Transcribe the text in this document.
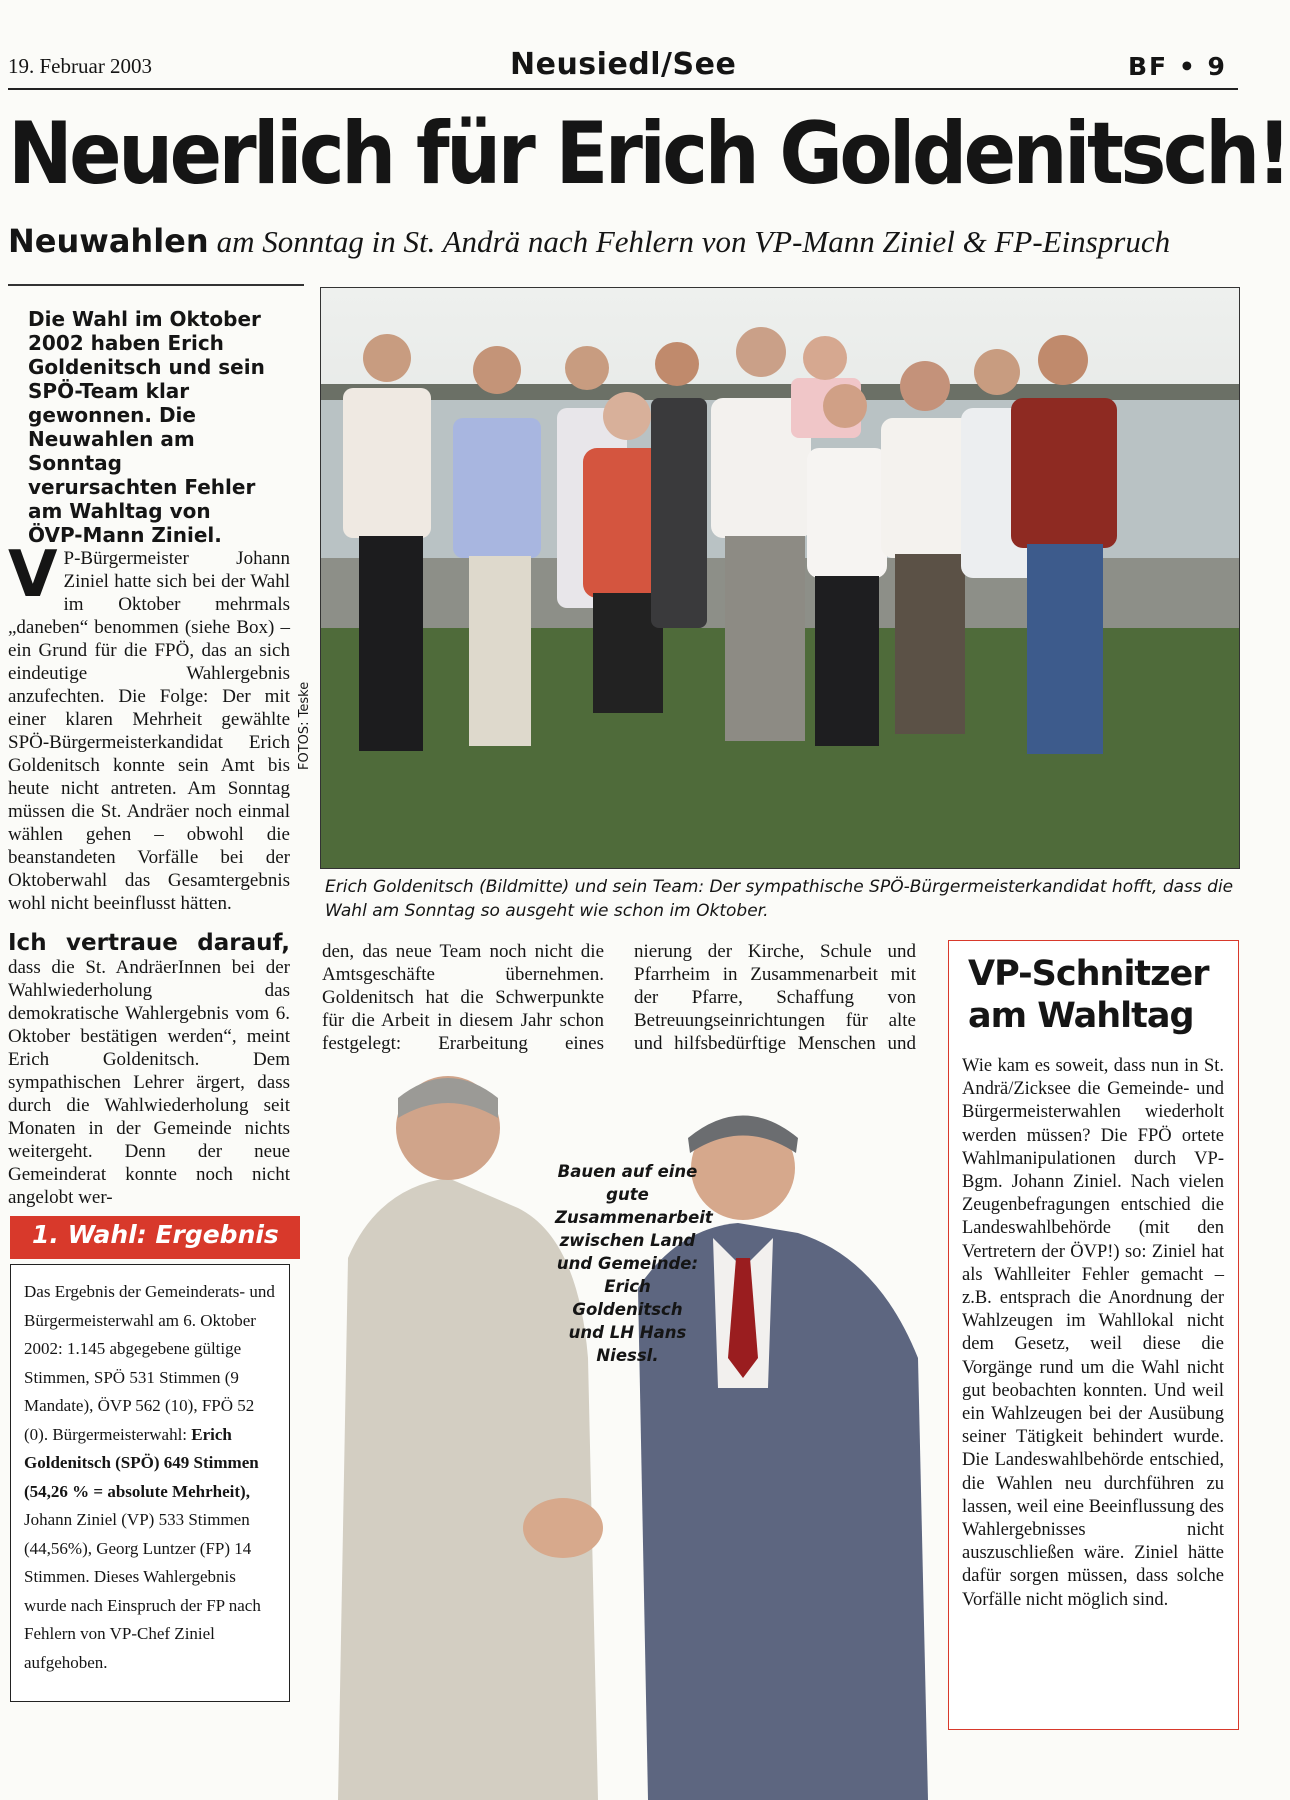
19. Februar 2003	Neusiedl/See	BF • 9
Neuerlich für Erich Goldenitsch!
Neuwahlen am Sonntag in St. Andrä nach Fehlern von VP-Mann Ziniel & FP-Einspruch
Die Wahl im Oktober 2002 haben Erich Goldenitsch und sein SPÖ-Team klar gewonnen. Die Neuwahlen am Sonntag verursachten Fehler am Wahltag von ÖVP-Mann Ziniel.
V P-Bürgermeister Johann Ziniel hatte sich bei der Wahl im Oktober mehrmals „daneben“ benommen (siehe Box) – ein Grund für die FPÖ, das an sich eindeutige Wahlergebnis anzufechten. Die Folge: Der mit einer klaren Mehrheit gewählte SPÖ-Bürgermeisterkandidat Erich Goldenitsch konnte sein Amt bis heute nicht antreten. Am Sonntag müssen die St. Andräer noch einmal wählen gehen – obwohl die beanstandeten Vorfälle bei der Oktoberwahl das Gesamtergebnis wohl nicht beeinflusst hätten.
Ich vertraue darauf, dass die St. AndräerInnen bei der Wahlwiederholung das demokratische Wahlergebnis vom 6. Oktober bestätigen werden“, meint Erich Goldenitsch. Dem sympathischen Lehrer ärgert, dass durch die Wahlwiederholung seit Monaten in der Gemeinde nichts weitergeht. Denn der neue Gemeinderat konnte noch nicht angelobt wer-
den, das neue Team noch nicht die Amtsgeschäfte übernehmen. Goldenitsch hat die Schwerpunkte für die Arbeit in diesem Jahr schon festgelegt: Erarbeitung eines
nierung der Kirche, Schule und Pfarrheim in Zusammenarbeit mit der Pfarre, Schaffung von Betreuungseinrichtungen für alte und hilfsbedürftige Menschen und
FOTOS: Teske
Erich Goldenitsch (Bildmitte) und sein Team: Der sympathische SPÖ-Bürgermeisterkandidat hofft, dass die Wahl am Sonntag so ausgeht wie schon im Oktober.
1. Wahl: Ergebnis
Das Ergebnis der Gemeinderats- und Bürgermeisterwahl am 6. Oktober 2002: 1.145 abgegebene gültige Stimmen, SPÖ 531 Stimmen (9 Mandate), ÖVP 562 (10), FPÖ 52 (0). Bürgermeisterwahl: Erich Goldenitsch (SPÖ) 649 Stimmen (54,26 % = absolute Mehrheit), Johann Ziniel (VP) 533 Stimmen (44,56%), Georg Luntzer (FP) 14 Stimmen. Dieses Wahlergebnis wurde nach Einspruch der FP nach Fehlern von VP-Chef Ziniel aufgehoben.
Bauen auf eine gute Zusammenarbeit zwischen Land und Gemeinde: Erich Goldenitsch und LH Hans Niessl.
VP-Schnitzer am Wahltag
Wie kam es soweit, dass nun in St. Andrä/Zicksee die Gemeinde- und Bürgermeisterwahlen wiederholt werden müssen? Die FPÖ ortete Wahlmanipulationen durch VP-Bgm. Johann Ziniel. Nach vielen Zeugenbefragungen entschied die Landeswahlbehörde (mit den Vertretern der ÖVP!) so: Ziniel hat als Wahlleiter Fehler gemacht – z.B. entsprach die Anordnung der Wahlzeugen im Wahllokal nicht dem Gesetz, weil diese die Vorgänge rund um die Wahl nicht gut beobachten konnten. Und weil ein Wahlzeugen bei der Ausübung seiner Tätigkeit behindert wurde. Die Landeswahlbehörde entschied, die Wahlen neu durchführen zu lassen, weil eine Beeinflussung des Wahlergebnisses nicht auszuschließen wäre. Ziniel hätte dafür sorgen müssen, dass solche Vorfälle nicht möglich sind.
